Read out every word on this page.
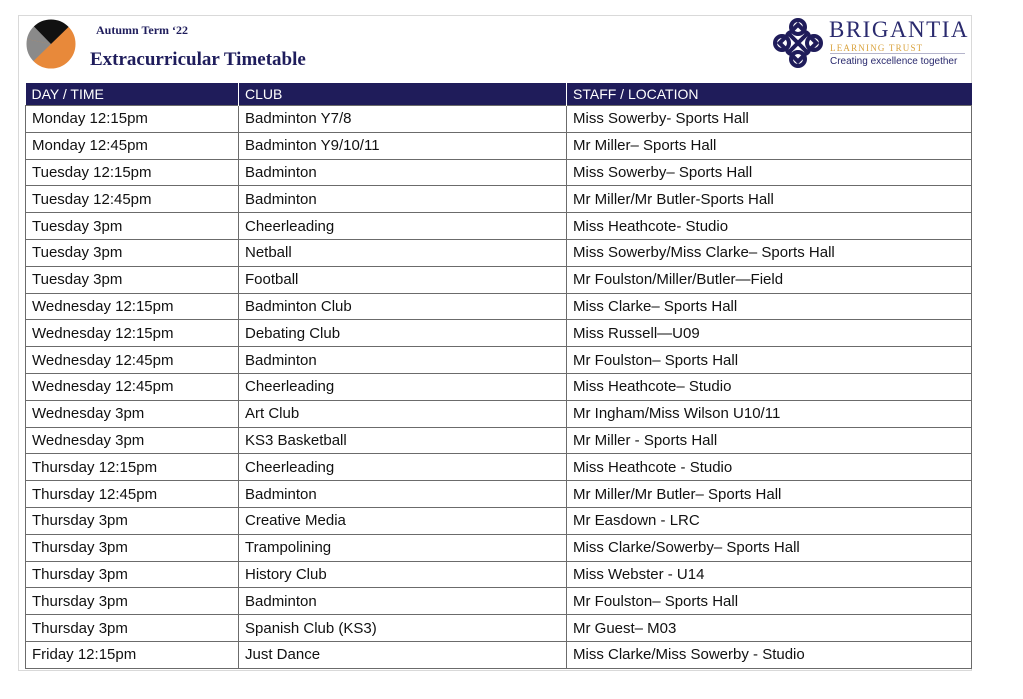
Autumn Term ‘22
Extracurricular Timetable
BRIGANTIA
LEARNING TRUST
Creating excellence together
DAY / TIME	CLUB	STAFF / LOCATION
Monday 12:15pm	Badminton Y7/8	Miss Sowerby- Sports Hall
Monday 12:45pm	Badminton Y9/10/11	Mr Miller– Sports Hall
Tuesday 12:15pm	Badminton	Miss Sowerby– Sports Hall
Tuesday 12:45pm	Badminton	Mr Miller/Mr Butler-Sports Hall
Tuesday 3pm	Cheerleading	Miss Heathcote- Studio
Tuesday 3pm	Netball	Miss Sowerby/Miss Clarke– Sports Hall
Tuesday 3pm	Football	Mr Foulston/Miller/Butler—Field
Wednesday 12:15pm	Badminton Club	Miss Clarke– Sports Hall
Wednesday 12:15pm	Debating Club	Miss Russell—U09
Wednesday 12:45pm	Badminton	Mr Foulston– Sports Hall
Wednesday 12:45pm	Cheerleading	Miss Heathcote– Studio
Wednesday 3pm	Art Club	Mr Ingham/Miss Wilson U10/11
Wednesday 3pm	KS3 Basketball	Mr Miller - Sports Hall
Thursday 12:15pm	Cheerleading	Miss Heathcote - Studio
Thursday 12:45pm	Badminton	Mr Miller/Mr Butler– Sports Hall
Thursday 3pm	Creative Media	Mr Easdown - LRC
Thursday 3pm	Trampolining	Miss Clarke/Sowerby– Sports Hall
Thursday 3pm	History Club	Miss Webster - U14
Thursday 3pm	Badminton	Mr Foulston– Sports Hall
Thursday 3pm	Spanish Club (KS3)	Mr Guest– M03
Friday 12:15pm	Just Dance	Miss Clarke/Miss Sowerby - Studio
